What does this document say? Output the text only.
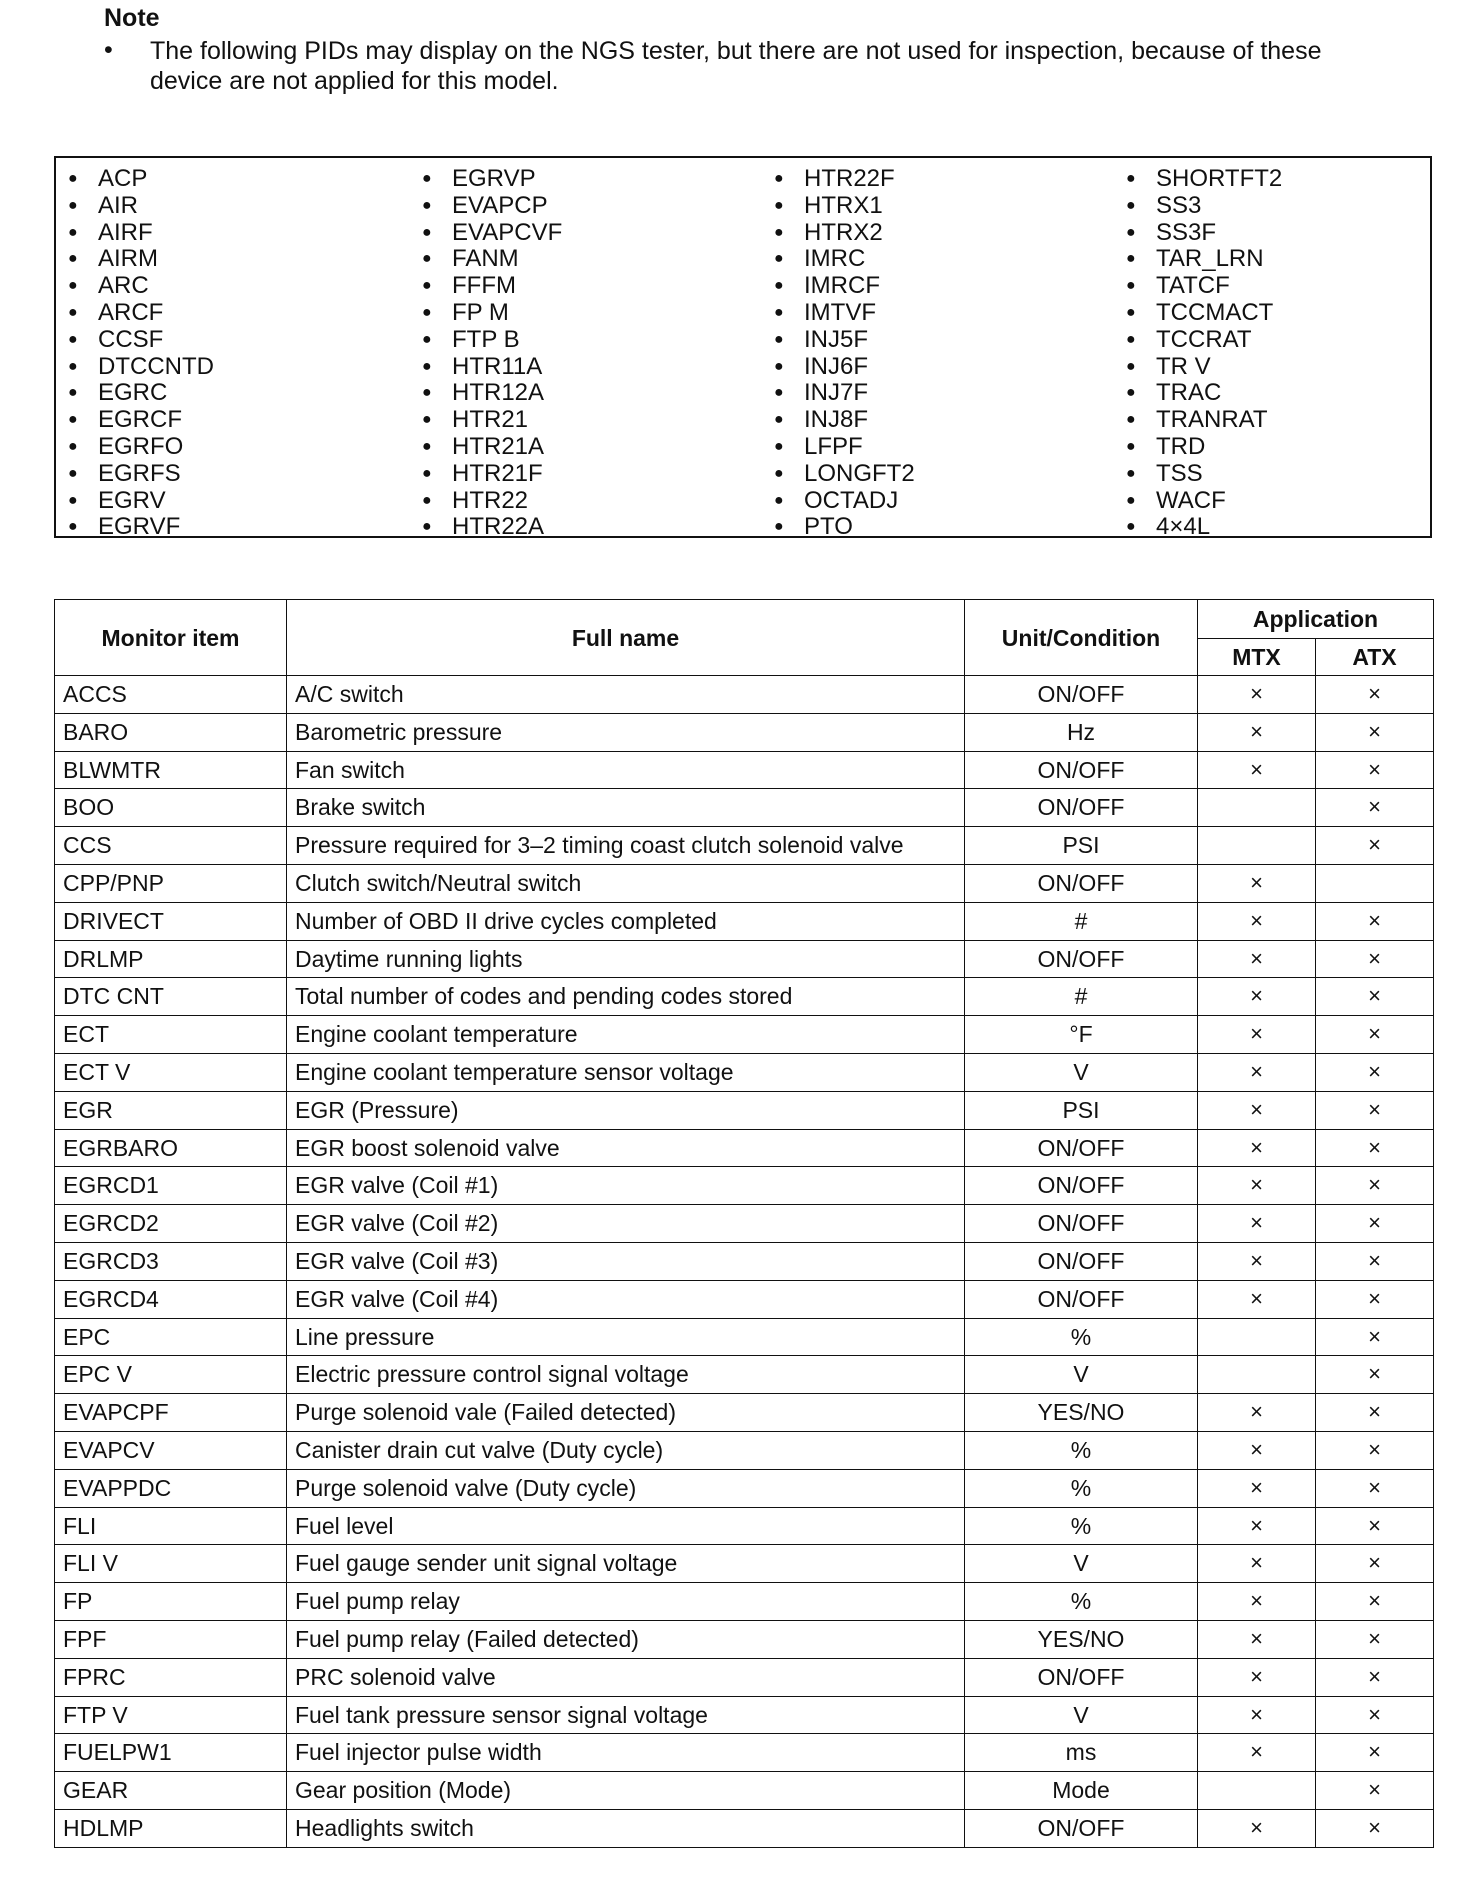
Note
• The following PIDs may display on the NGS tester, but there are not used for inspection, because of these device are not applied for this model.
● ACP
● AIR
● AIRF
● AIRM
● ARC
● ARCF
● CCSF
● DTCCNTD
● EGRC
● EGRCF
● EGRFO
● EGRFS
● EGRV
● EGRVF
● EGRVP
● EVAPCP
● EVAPCVF
● FANM
● FFFM
● FP M
● FTP B
● HTR11A
● HTR12A
● HTR21
● HTR21A
● HTR21F
● HTR22
● HTR22A
● HTR22F
● HTRX1
● HTRX2
● IMRC
● IMRCF
● IMTVF
● INJ5F
● INJ6F
● INJ7F
● INJ8F
● LFPF
● LONGFT2
● OCTADJ
● PTO
● SHORTFT2
● SS3
● SS3F
● TAR_LRN
● TATCF
● TCCMACT
● TCCRAT
● TR V
● TRAC
● TRANRAT
● TRD
● TSS
● WACF
● 4×4L
Monitor item	Full name	Unit/Condition	Application	
			MTX	ATX
ACCS	A/C switch	ON/OFF	×	×
BARO	Barometric pressure	Hz	×	×
BLWMTR	Fan switch	ON/OFF	×	×
BOO	Brake switch	ON/OFF		×
CCS	Pressure required for 3–2 timing coast clutch solenoid valve	PSI		×
CPP/PNP	Clutch switch/Neutral switch	ON/OFF	×	
DRIVECT	Number of OBD II drive cycles completed	#	×	×
DRLMP	Daytime running lights	ON/OFF	×	×
DTC CNT	Total number of codes and pending codes stored	#	×	×
ECT	Engine coolant temperature	°F	×	×
ECT V	Engine coolant temperature sensor voltage	V	×	×
EGR	EGR (Pressure)	PSI	×	×
EGRBARO	EGR boost solenoid valve	ON/OFF	×	×
EGRCD1	EGR valve (Coil #1)	ON/OFF	×	×
EGRCD2	EGR valve (Coil #2)	ON/OFF	×	×
EGRCD3	EGR valve (Coil #3)	ON/OFF	×	×
EGRCD4	EGR valve (Coil #4)	ON/OFF	×	×
EPC	Line pressure	%		×
EPC V	Electric pressure control signal voltage	V		×
EVAPCPF	Purge solenoid vale (Failed detected)	YES/NO	×	×
EVAPCV	Canister drain cut valve (Duty cycle)	%	×	×
EVAPPDC	Purge solenoid valve (Duty cycle)	%	×	×
FLI	Fuel level	%	×	×
FLI V	Fuel gauge sender unit signal voltage	V	×	×
FP	Fuel pump relay	%	×	×
FPF	Fuel pump relay (Failed detected)	YES/NO	×	×
FPRC	PRC solenoid valve	ON/OFF	×	×
FTP V	Fuel tank pressure sensor signal voltage	V	×	×
FUELPW1	Fuel injector pulse width	ms	×	×
GEAR	Gear position (Mode)	Mode		×
HDLMP	Headlights switch	ON/OFF	×	×
